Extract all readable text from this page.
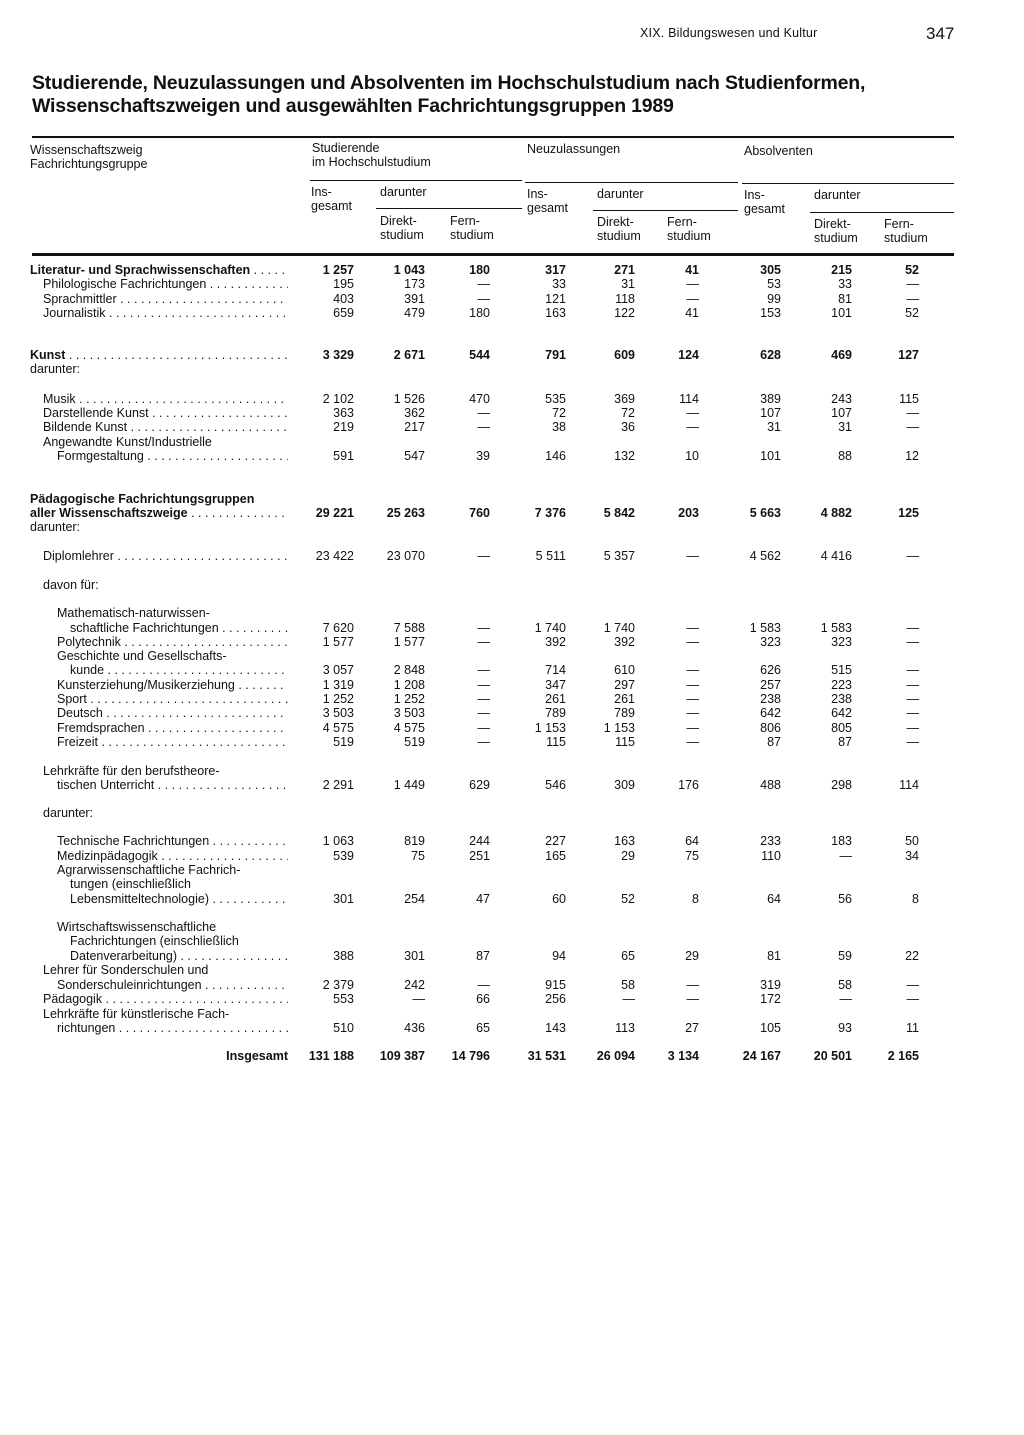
XIX. Bildungswesen und Kultur	347
Studierende, Neuzulassungen und Absolventen im Hochschulstudium nach Studienformen, Wissenschaftszweigen und ausgewählten Fachrichtungsgruppen 1989
Wissenschaftszweig
Fachrichtungsgruppe
Studierende
im Hochschulstudium
Neuzulassungen	Absolventen
Ins-
gesamt
Ins-
gesamt
Ins-
gesamt
darunter	darunter	darunter
Direkt-
studium
Fern-
studium
Direkt-
studium
Fern-
studium
Direkt-
studium
Fern-
studium
Literatur- und Sprachwissenschaften . . .	1 257	1 043	180	317	271	41	305	215	52
Philologische Fachrichtungen . . .	195	173	—	33	31	—	53	33	—
Sprachmittler . . .	403	391	—	121	118	—	99	81	—
Journalistik . . .	659	479	180	163	122	41	153	101	52
Kunst . . .	3 329	2 671	544	791	609	124	628	469	127
darunter:
Musik . . .	2 102	1 526	470	535	369	114	389	243	115
Darstellende Kunst . . .	363	362	—	72	72	—	107	107	—
Bildende Kunst . . .	219	217	—	38	36	—	31	31	—
Angewandte Kunst/Industrielle
Formgestaltung . . .	591	547	39	146	132	10	101	88	12
Pädagogische Fachrichtungsgruppen
aller Wissenschaftszweige . . .	29 221	25 263	760	7 376	5 842	203	5 663	4 882	125
darunter:
Diplomlehrer . . .	23 422	23 070	—	5 511	5 357	—	4 562	4 416	—
davon für:
Mathematisch-naturwissen-
schaftliche Fachrichtungen . . .	7 620	7 588	—	1 740	1 740	—	1 583	1 583	—
Polytechnik . . .	1 577	1 577	—	392	392	—	323	323	—
Geschichte und Gesellschafts-
kunde . . .	3 057	2 848	—	714	610	—	626	515	—
Kunsterziehung/Musikerziehung . . .	1 319	1 208	—	347	297	—	257	223	—
Sport . . .	1 252	1 252	—	261	261	—	238	238	—
Deutsch . . .	3 503	3 503	—	789	789	—	642	642	—
Fremdsprachen . . .	4 575	4 575	—	1 153	1 153	—	806	805	—
Freizeit . . .	519	519	—	115	115	—	87	87	—
Lehrkräfte für den berufstheore-
tischen Unterricht . . .	2 291	1 449	629	546	309	176	488	298	114
darunter:
Technische Fachrichtungen . . .	1 063	819	244	227	163	64	233	183	50
Medizinpädagogik . . .	539	75	251	165	29	75	110	—	34
Agrarwissenschaftliche Fachrich-
tungen (einschließlich
Lebensmitteltechnologie) . . .	301	254	47	60	52	8	64	56	8
Wirtschaftswissenschaftliche
Fachrichtungen (einschließlich
Datenverarbeitung) . . .	388	301	87	94	65	29	81	59	22
Lehrer für Sonderschulen und
Sonderschuleinrichtungen . . .	2 379	242	—	915	58	—	319	58	—
Pädagogik . . .	553	—	66	256	—	—	172	—	—
Lehrkräfte für künstlerische Fach-
richtungen . . .	510	436	65	143	113	27	105	93	11
Insgesamt	131 188	109 387	14 796	31 531	26 094	3 134	24 167	20 501	2 165
